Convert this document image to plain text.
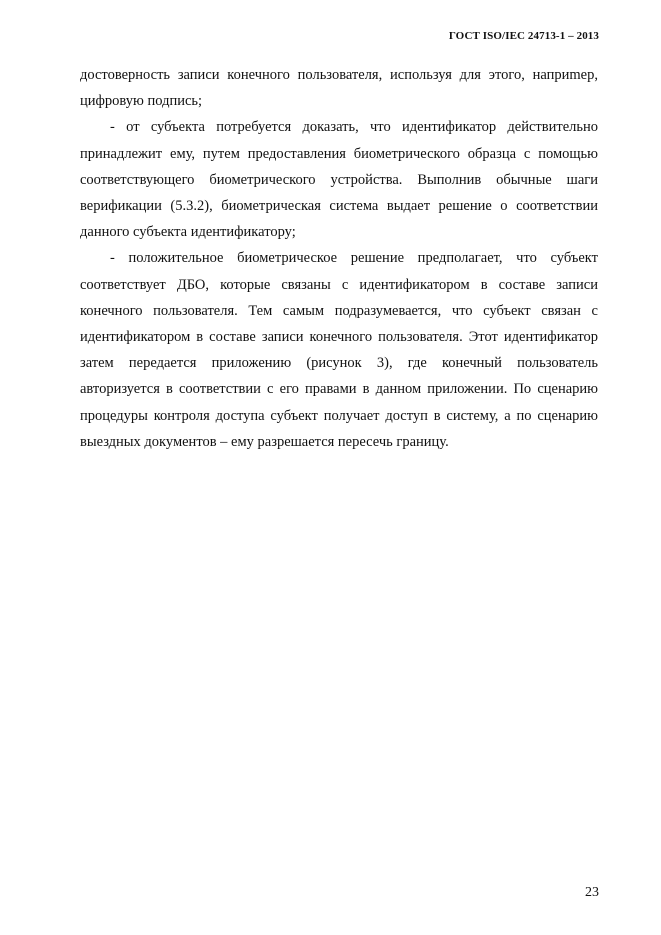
ГОСТ ISO/IEC 24713-1 – 2013

достоверность записи конечного пользователя, используя для этого, наприmер, цифровую подпись;

- от субъекта потребуется доказать, что идентификатор действительно принадлежит ему, путем предоставления биометрического образца с помощью соответствующего биометрического устройства. Выполнив обычные шаги верификации (5.3.2), биометрическая система выдает решение о соответствии данного субъекта идентификатору;

- положительное биометрическое решение предполагает, что субъект соответствует ДБО, которые связаны с идентификатором в составе записи конечного пользователя. Тем самым подразумевается, что субъект связан с идентификатором в составе записи конечного пользователя. Этот идентификатор затем передается приложению (рисунок 3), где конечный пользователь авторизуется в соответствии с его правами в данном приложении. По сценарию процедуры контроля доступа субъект получает доступ в систему, а по сценарию выездных документов – ему разрешается пересечь границу.

23
